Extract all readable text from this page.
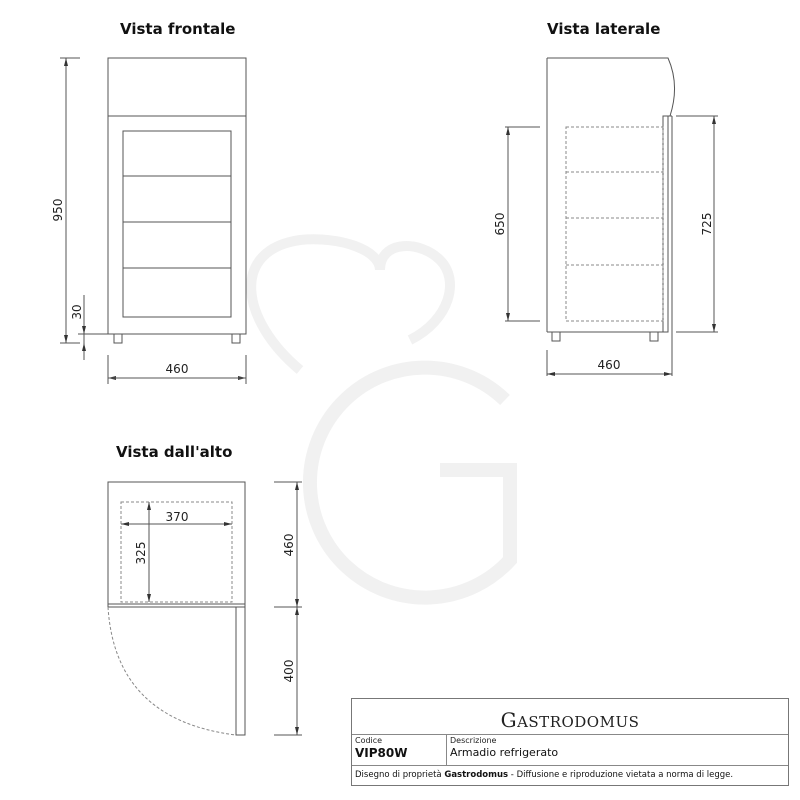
950
30
460
650	725
460
370
325	460
400
Vista frontale	Vista laterale
Vista dall'alto
GASTRODOMUS
Codice
VIP80W
Descrizione
Armadio refrigerato
Disegno di proprietà Gastrodomus - Diffusione e riproduzione vietata a norma di legge.
